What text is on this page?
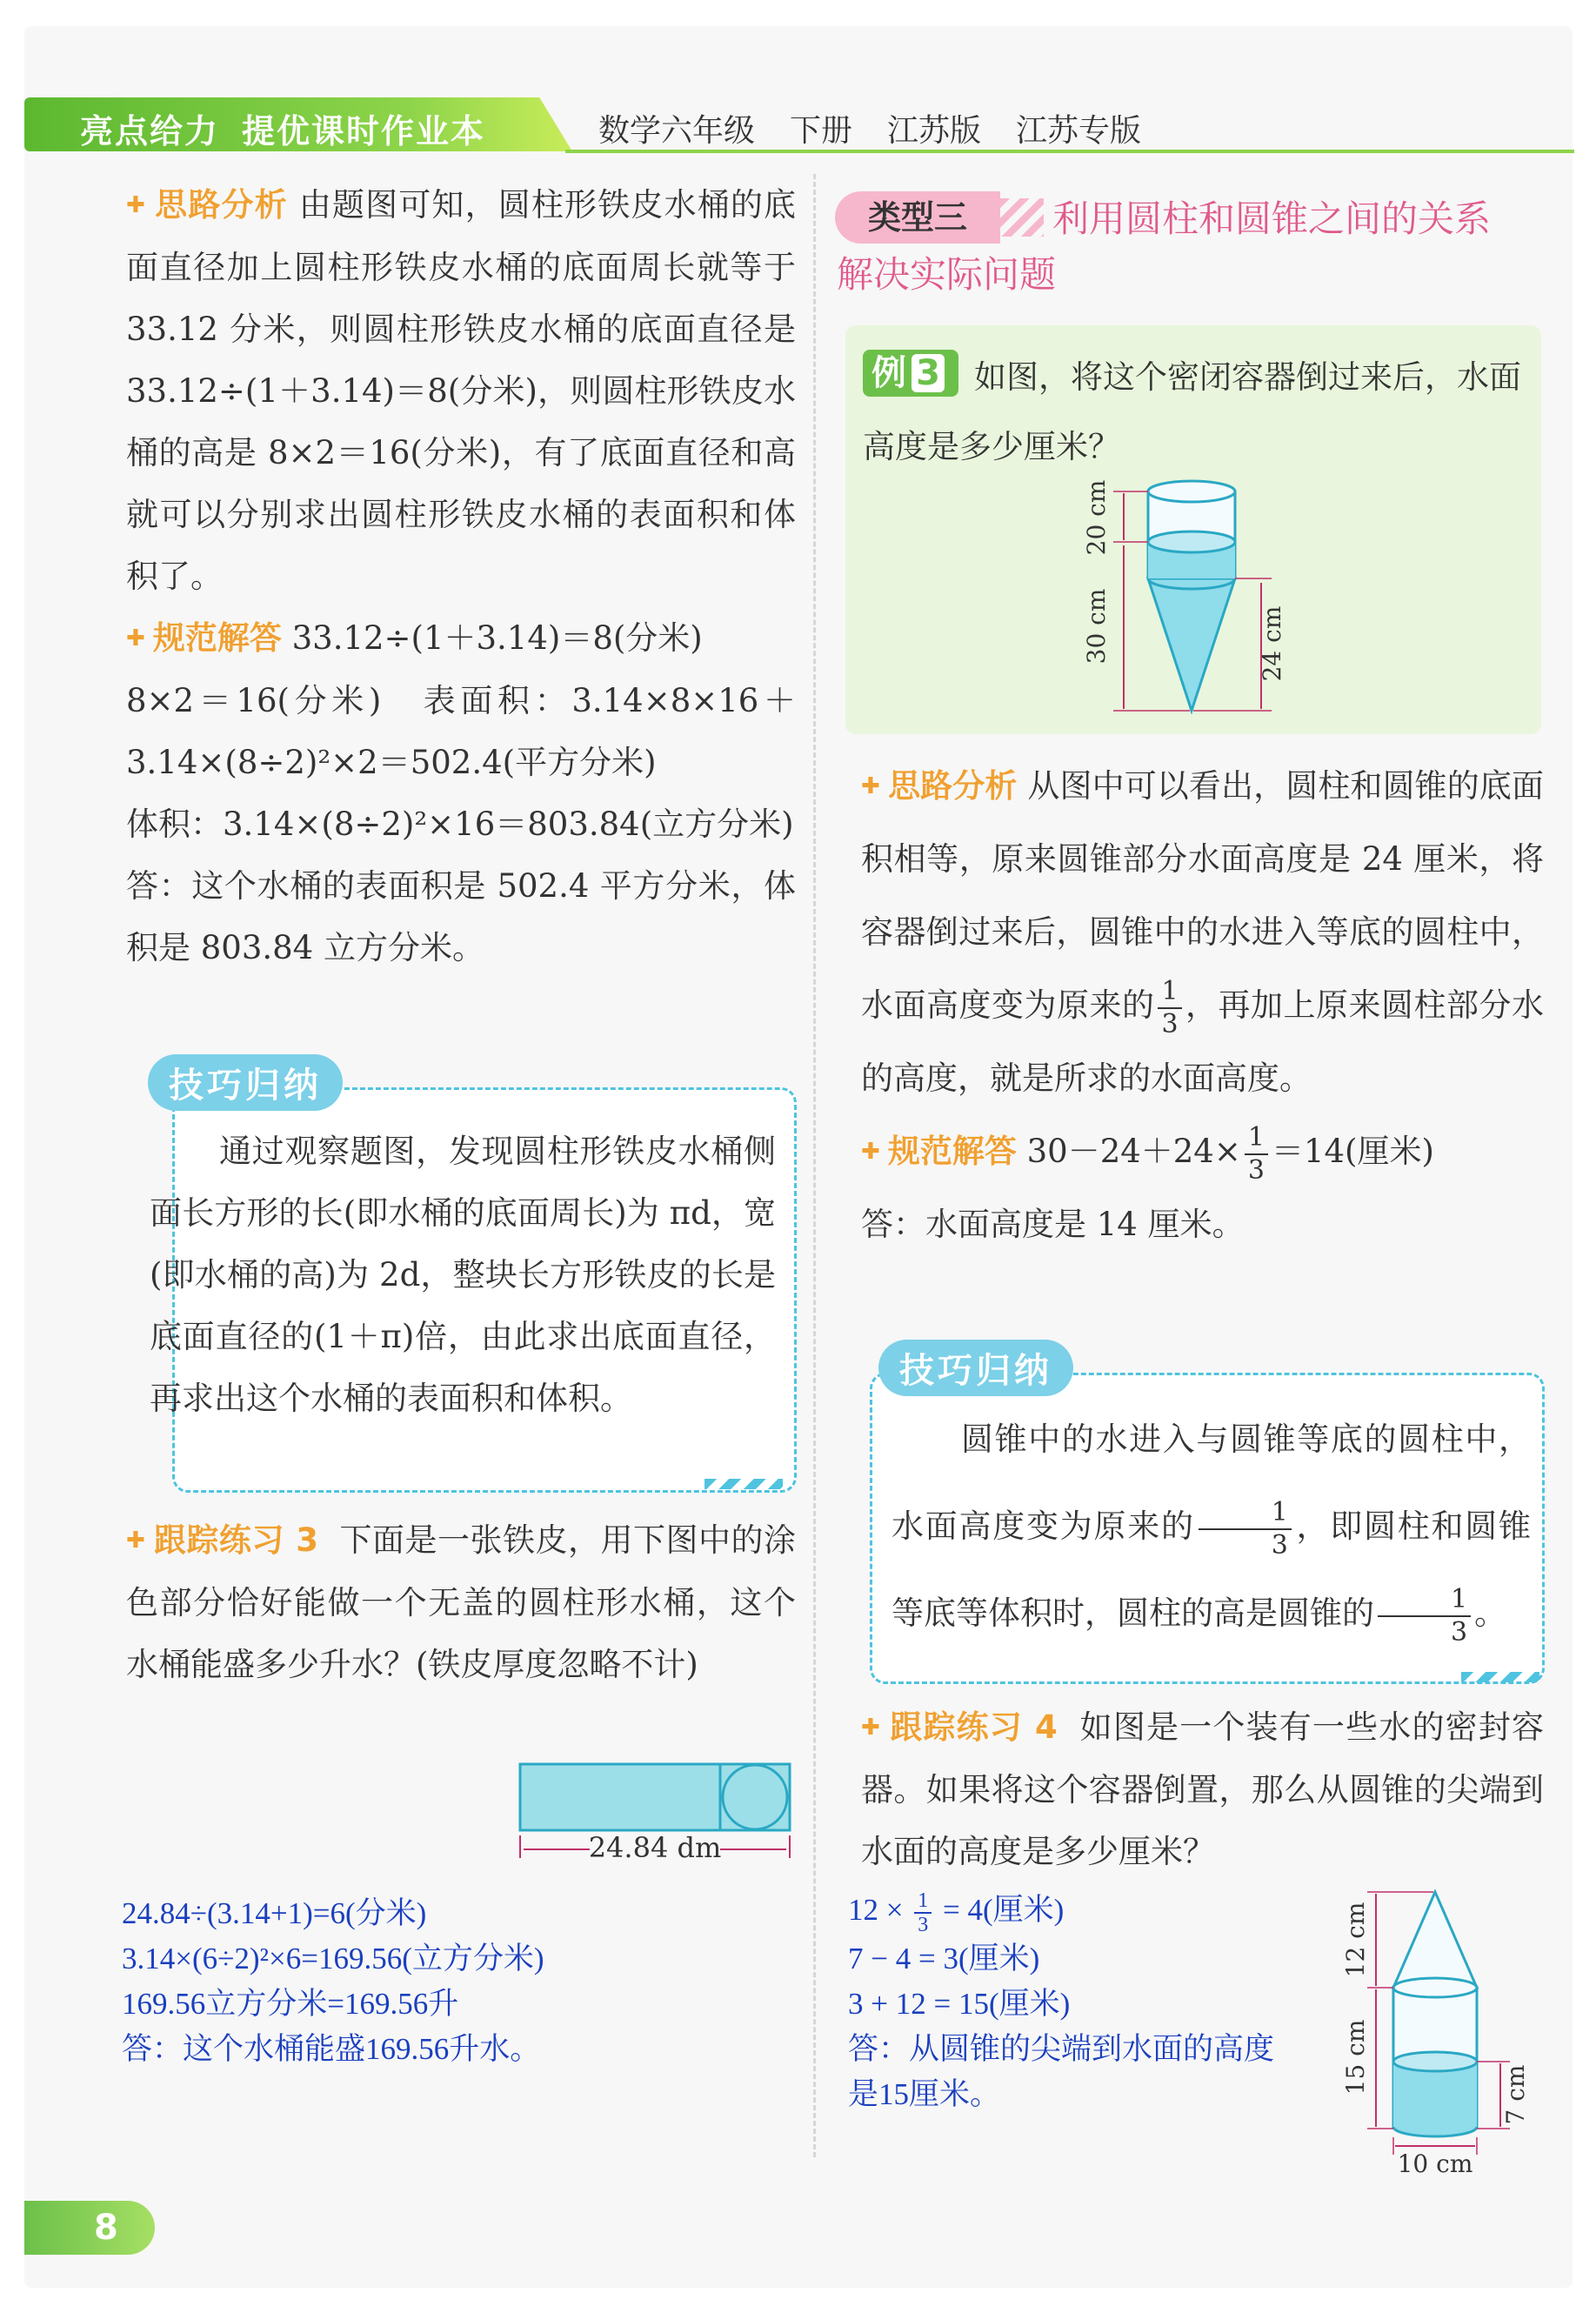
亮点给力 提优课时作业本	数学六年级 下册 江苏版 江苏专版

✚ 思路分析 由题图可知，圆柱形铁皮水桶的底面直径加上圆柱形铁皮水桶的底面周长就等于 33.12 分米，则圆柱形铁皮水桶的底面直径是 33.12÷(1＋3.14)＝8(分米)，则圆柱形铁皮水桶的高是 8×2＝16(分米)，有了底面直径和高就可以分别求出圆柱形铁皮水桶的表面积和体积了。

✚ 规范解答 33.12÷(1＋3.14)＝8(分米)

8×2＝16(分米)　表面积：3.14×8×16＋3.14×(8÷2)²×2＝502.4(平方分米)

体积：3.14×(8÷2)²×16＝803.84(立方分米)

答：这个水桶的表面积是 502.4 平方分米，体积是 803.84 立方分米。

技巧归纳
通过观察题图，发现圆柱形铁皮水桶侧面长方形的长(即水桶的底面周长)为 πd，宽(即水桶的高)为 2d，整块长方形铁皮的长是底面直径的(1＋π)倍，由此求出底面直径，再求出这个水桶的表面积和体积。

✚ 跟踪练习 3 下面是一张铁皮，用下图中的涂色部分恰好能做一个无盖的圆柱形水桶，这个水桶能盛多少升水？(铁皮厚度忽略不计)

24.84 dm
24.84÷(3.14+1)=6(分米)
3.14×(6÷2)²×6=169.56(立方分米)
169.56立方分米=169.56升
答：这个水桶能盛169.56升水。
类型三	利用圆柱和圆锥之间的关系
解决实际问题
例 3	如图，将这个密闭容器倒过来后，水面高度是多少厘米？
20 cm
30 cm	24 cm

✚ 思路分析 从图中可以看出，圆柱和圆锥的底面积相等，原来圆锥部分水面高度是 24 厘米，将容器倒过来后，圆锥中的水进入等底的圆柱中，水面高度变为原来的 $\frac{1}{3}$ ，再加上原来圆柱部分水的高度，就是所求的水面高度。

✚ 规范解答 $30-24+24\times \frac{1}{3} =14$(厘米)

答：水面高度是 14 厘米。

技巧归纳
圆锥中的水进入与圆锥等底的圆柱中，水面高度变为原来的 $\frac{1}{3}$ ，即圆柱和圆锥等底等体积时，圆柱的高是圆锥的 $\frac{1}{3}$ 。

✚ 跟踪练习 4 如图是一个装有一些水的密封容器。如果将这个容器倒置，那么从圆锥的尖端到水面的高度是多少厘米？

$12 \times \frac{1}{3} = 4$(厘米)
7 − 4 = 3(厘米)
3 + 12 = 15(厘米)
答：从圆锥的尖端到水面的高度
是15厘米。
12 cm
15 cm	7 cm
10 cm
8
